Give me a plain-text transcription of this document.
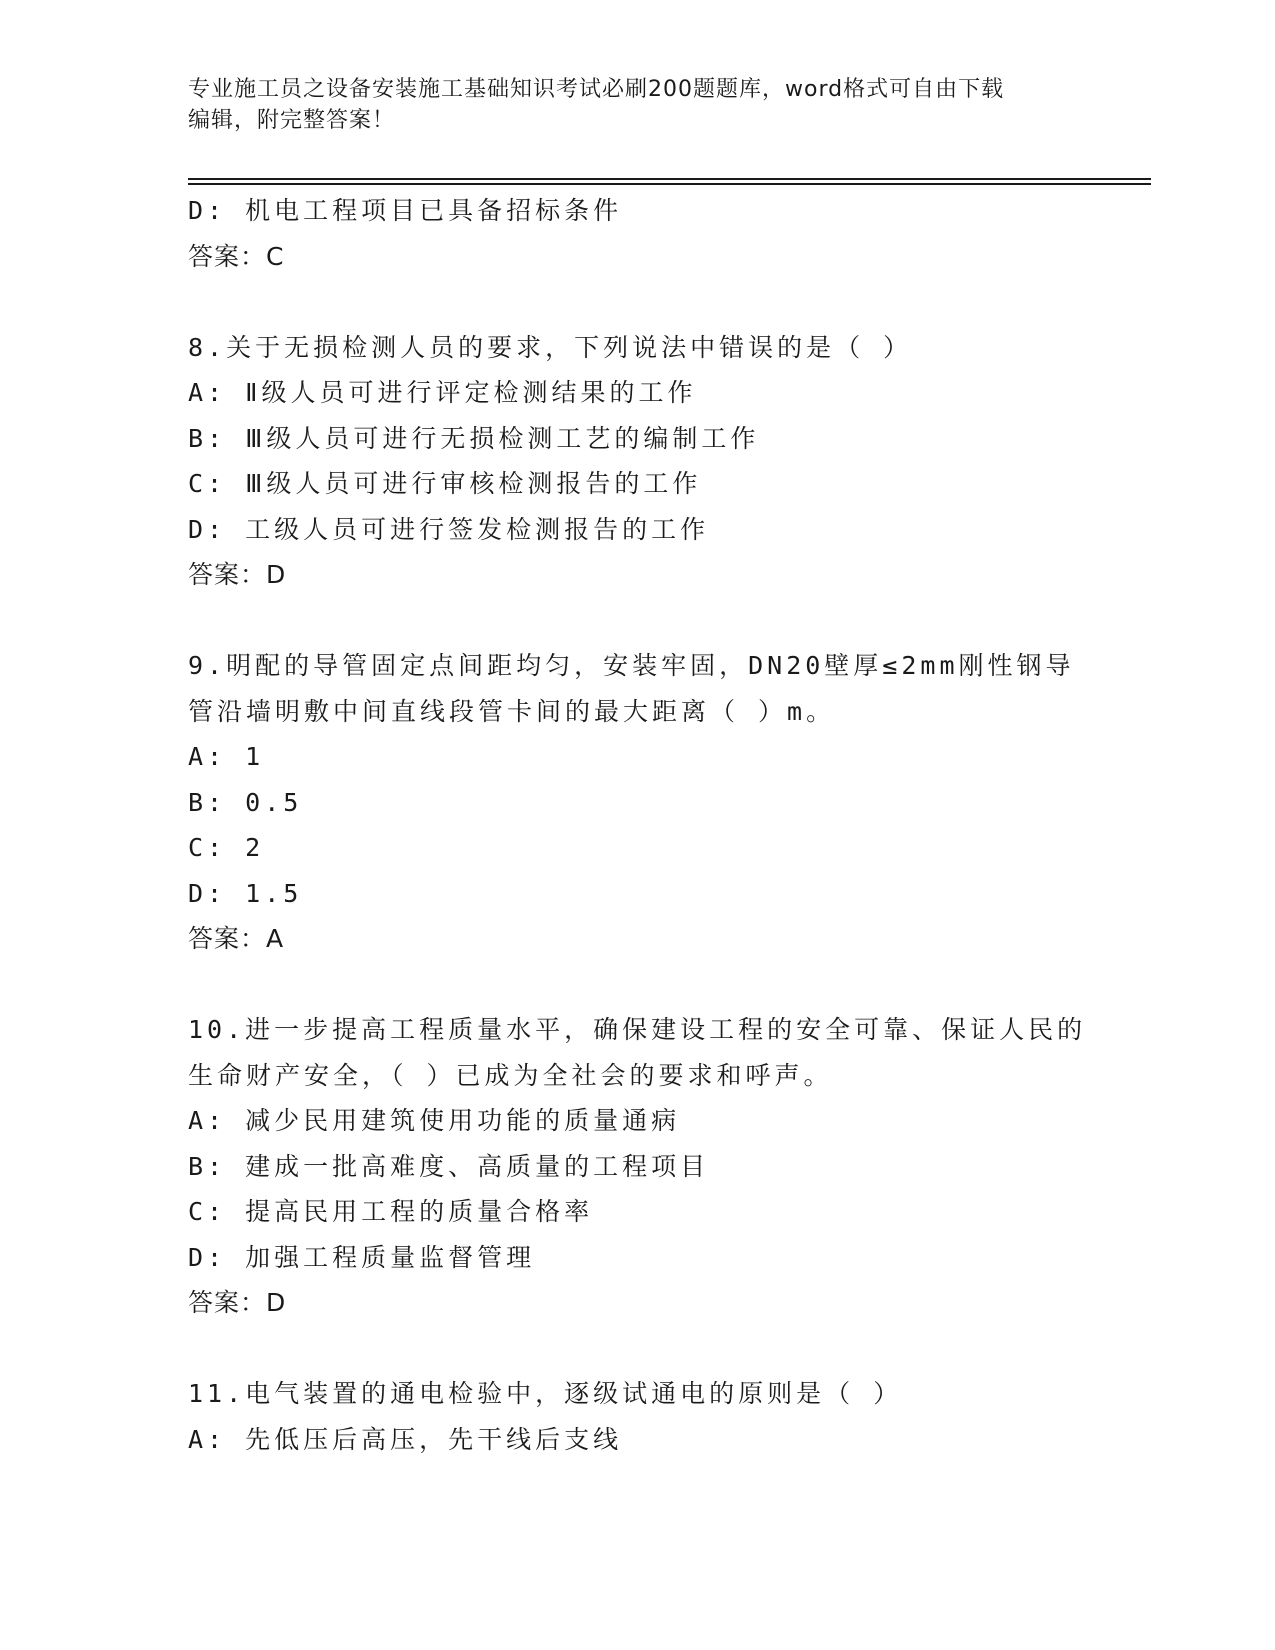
专业施工员之设备安装施工基础知识考试必刷200题题库，word格式可自由下载
编辑，附完整答案！
D: 机电工程项目已具备招标条件
答案：C
8.关于无损检测人员的要求，下列说法中错误的是（ ）
A: Ⅱ级人员可进行评定检测结果的工作
B: Ⅲ级人员可进行无损检测工艺的编制工作
C: Ⅲ级人员可进行审核检测报告的工作
D: 工级人员可进行签发检测报告的工作
答案：D
9.明配的导管固定点间距均匀，安装牢固，DN20壁厚≤2mm刚性钢导
管沿墙明敷中间直线段管卡间的最大距离（ ）m。
A: 1
B: 0.5
C: 2
D: 1.5
答案：A
10.进一步提高工程质量水平，确保建设工程的安全可靠、保证人民的
生命财产安全，（ ）已成为全社会的要求和呼声。
A: 减少民用建筑使用功能的质量通病
B: 建成一批高难度、高质量的工程项目
C: 提高民用工程的质量合格率
D: 加强工程质量监督管理
答案：D
11.电气装置的通电检验中，逐级试通电的原则是（ ）
A: 先低压后高压，先干线后支线
